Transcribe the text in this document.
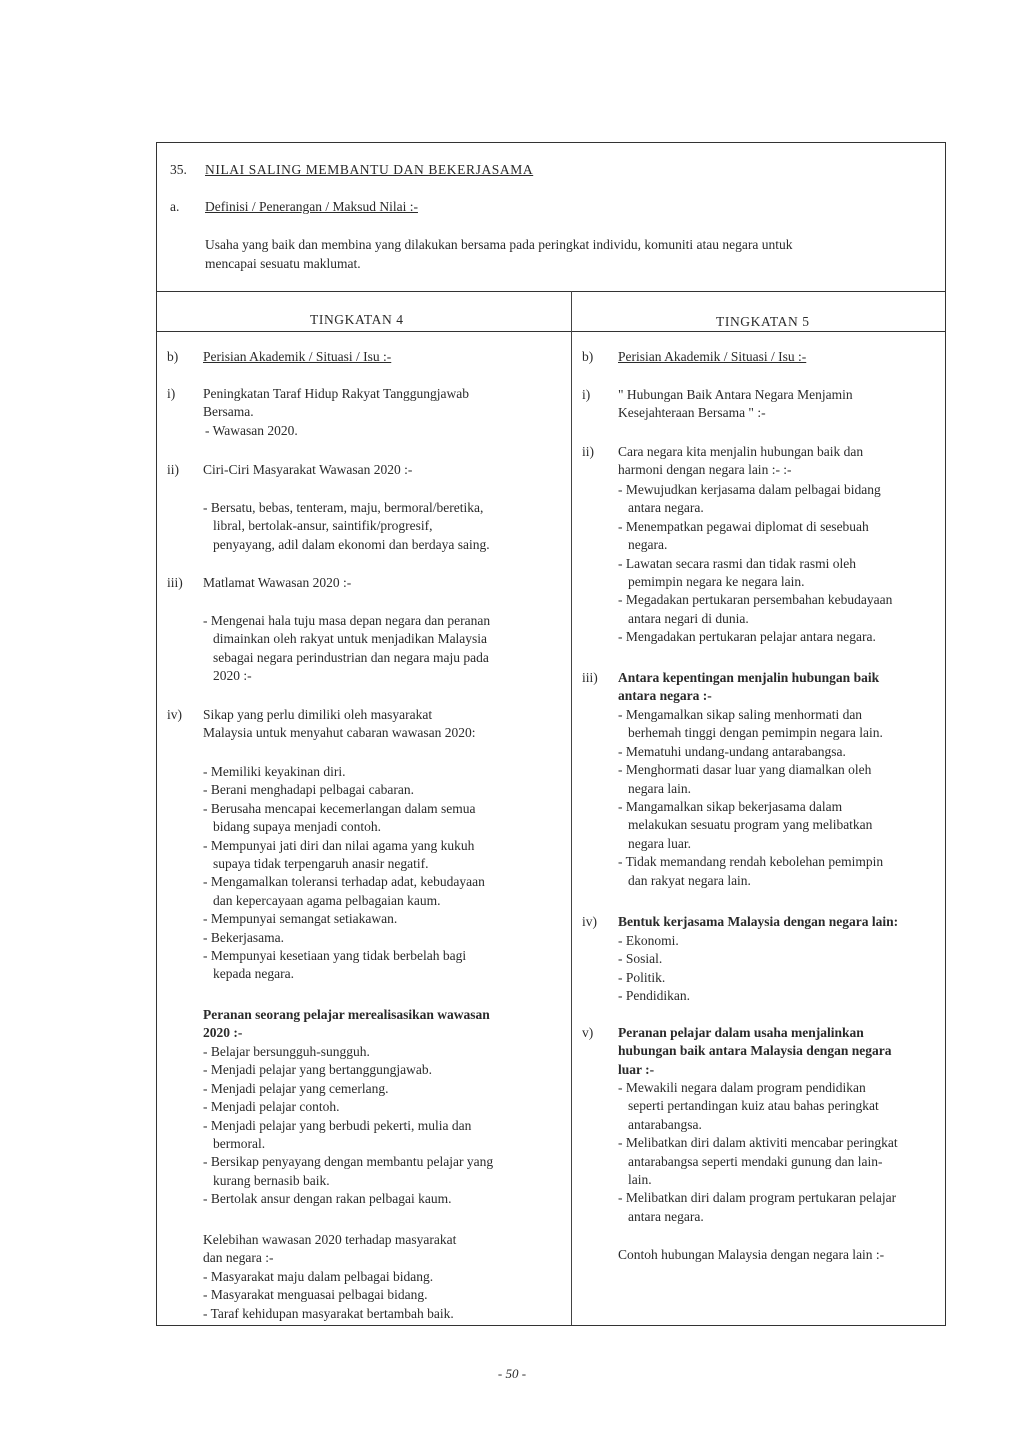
35. NILAI SALING MEMBANTU DAN BEKERJASAMA
a. Definisi / Penerangan / Maksud Nilai :-
Usaha yang baik dan membina yang dilakukan bersama pada peringkat individu, komuniti atau negara untuk
mencapai sesuatu maklumat.
TINGKATAN 4	TINGKATAN 5
b) Perisian Akademik / Situasi / Isu :-
i) Peningkatan Taraf Hidup Rakyat Tanggungjawab
Bersama.
- Wawasan 2020.
ii) Ciri-Ciri Masyarakat Wawasan 2020 :-
- Bersatu, bebas, tenteram, maju, bermoral/beretika,
libral, bertolak-ansur, saintifik/progresif,
penyayang, adil dalam ekonomi dan berdaya saing.
iii) Matlamat Wawasan 2020 :-
- Mengenai hala tuju masa depan negara dan peranan
dimainkan oleh rakyat untuk menjadikan Malaysia
sebagai negara perindustrian dan negara maju pada
2020 :-
iv) Sikap yang perlu dimiliki oleh masyarakat
Malaysia untuk menyahut cabaran wawasan 2020:
- Memiliki keyakinan diri.
- Berani menghadapi pelbagai cabaran.
- Berusaha mencapai kecemerlangan dalam semua
bidang supaya menjadi contoh.
- Mempunyai jati diri dan nilai agama yang kukuh
supaya tidak terpengaruh anasir negatif.
- Mengamalkan toleransi terhadap adat, kebudayaan
dan kepercayaan agama pelbagaian kaum.
- Mempunyai semangat setiakawan.
- Bekerjasama.
- Mempunyai kesetiaan yang tidak berbelah bagi
kepada negara.
Peranan seorang pelajar merealisasikan wawasan
2020 :-
- Belajar bersungguh-sungguh.
- Menjadi pelajar yang bertanggungjawab.
- Menjadi pelajar yang cemerlang.
- Menjadi pelajar contoh.
- Menjadi pelajar yang berbudi pekerti, mulia dan
bermoral.
- Bersikap penyayang dengan membantu pelajar yang
kurang bernasib baik.
- Bertolak ansur dengan rakan pelbagai kaum.
Kelebihan wawasan 2020 terhadap masyarakat
dan negara :-
- Masyarakat maju dalam pelbagai bidang.
- Masyarakat menguasai pelbagai bidang.
- Taraf kehidupan masyarakat bertambah baik.
b) Perisian Akademik / Situasi / Isu :-
i) " Hubungan Baik Antara Negara Menjamin
Kesejahteraan Bersama " :-
ii) Cara negara kita menjalin hubungan baik dan
harmoni dengan negara lain :- :-
- Mewujudkan kerjasama dalam pelbagai bidang
antara negara.
- Menempatkan pegawai diplomat di sesebuah
negara.
- Lawatan secara rasmi dan tidak rasmi oleh
pemimpin negara ke negara lain.
- Megadakan pertukaran persembahan kebudayaan
antara negari di dunia.
- Mengadakan pertukaran pelajar antara negara.
iii) Antara kepentingan menjalin hubungan baik
antara negara :-
- Mengamalkan sikap saling menhormati dan
berhemah tinggi dengan pemimpin negara lain.
- Mematuhi undang-undang antarabangsa.
- Menghormati dasar luar yang diamalkan oleh
negara lain.
- Mangamalkan sikap bekerjasama dalam
melakukan sesuatu program yang melibatkan
negara luar.
- Tidak memandang rendah kebolehan pemimpin
dan rakyat negara lain.
iv) Bentuk kerjasama Malaysia dengan negara lain:
- Ekonomi.
- Sosial.
- Politik.
- Pendidikan.
v) Peranan pelajar dalam usaha menjalinkan
hubungan baik antara Malaysia dengan negara
luar :-
- Mewakili negara dalam program pendidikan
seperti pertandingan kuiz atau bahas peringkat
antarabangsa.
- Melibatkan diri dalam aktiviti mencabar peringkat
antarabangsa seperti mendaki gunung dan lain-
lain.
- Melibatkan diri dalam program pertukaran pelajar
antara negara.
Contoh hubungan Malaysia dengan negara lain :-
- 50 -
